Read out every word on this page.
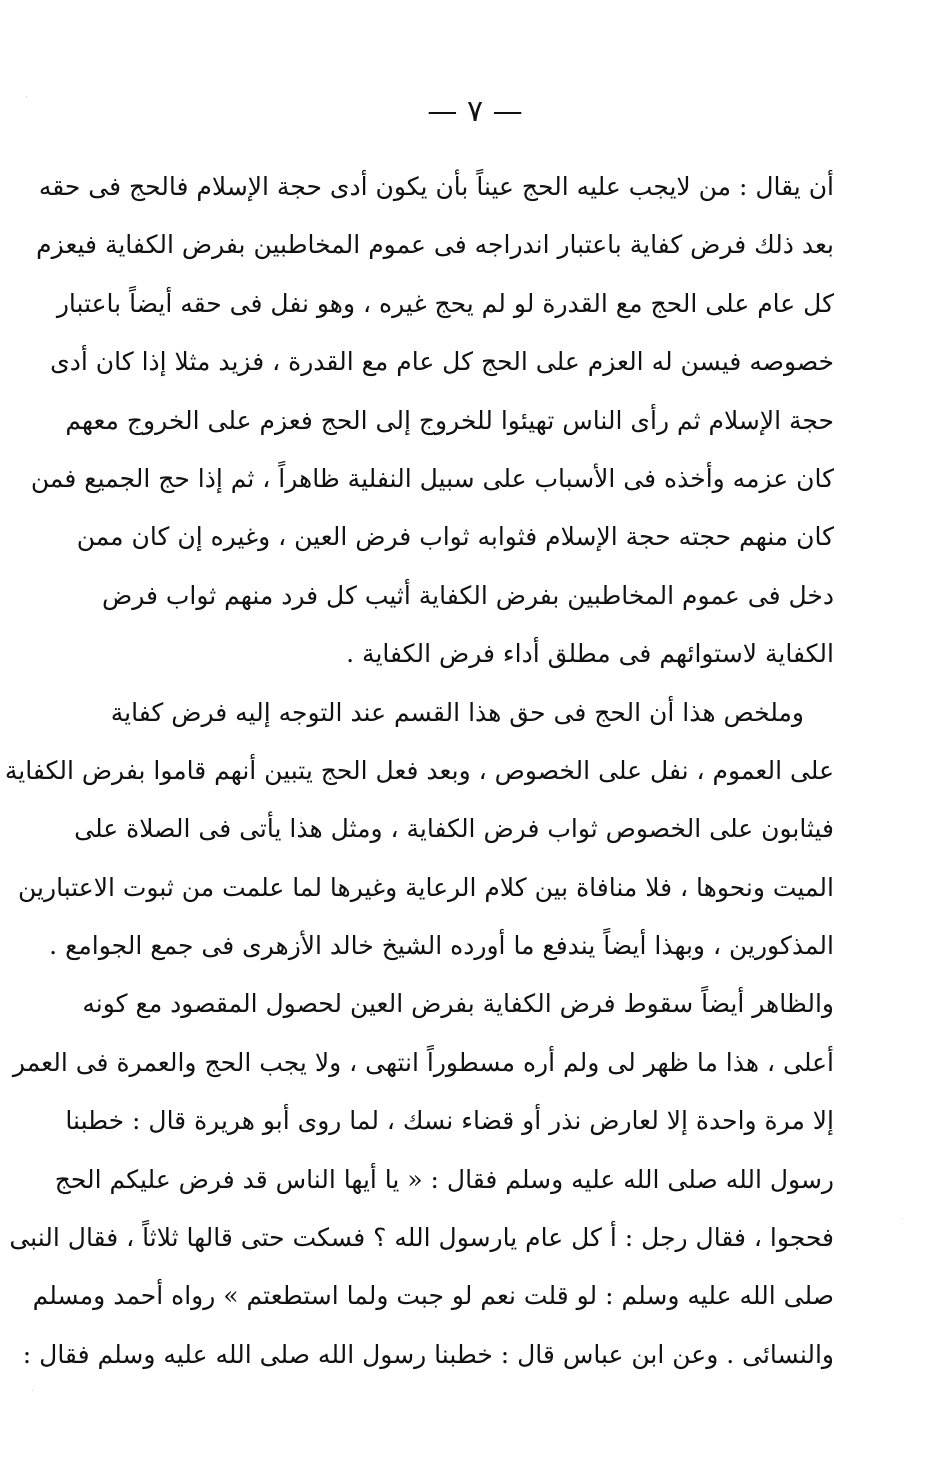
— ٧ —
أن يقال : من لايجب عليه الحج عيناً بأن يكون أدى حجة الإسلام فالحج فى حقه
بعد ذلك فرض كفاية باعتبار اندراجه فى عموم المخاطبين بفرض الكفاية فيعزم
كل عام على الحج مع القدرة لو لم يحج غيره ، وهو نفل فى حقه أيضاً باعتبار
خصوصه فيسن له العزم على الحج كل عام مع القدرة ، فزيد مثلا إذا كان أدى
حجة الإسلام ثم رأى الناس تهيئوا للخروج إلى الحج فعزم على الخروج معهم
كان عزمه وأخذه فى الأسباب على سبيل النفلية ظاهراً ، ثم إذا حج الجميع فمن
كان منهم حجته حجة الإسلام فثوابه ثواب فرض العين ، وغيره إن كان ممن
دخل فى عموم المخاطبين بفرض الكفاية أثيب كل فرد منهم ثواب فرض
الكفاية لاستوائهم فى مطلق أداء فرض الكفاية .
وملخص هذا أن الحج فى حق هذا القسم عند التوجه إليه فرض كفاية
على العموم ، نفل على الخصوص ، وبعد فعل الحج يتبين أنهم قاموا بفرض الكفاية
فيثابون على الخصوص ثواب فرض الكفاية ، ومثل هذا يأتى فى الصلاة على
الميت ونحوها ، فلا منافاة بين كلام الرعاية وغيرها لما علمت من ثبوت الاعتبارين
المذكورين ، وبهذا أيضاً يندفع ما أورده الشيخ خالد الأزهرى فى جمع الجوامع .
والظاهر أيضاً سقوط فرض الكفاية بفرض العين لحصول المقصود مع كونه
أعلى ، هذا ما ظهر لى ولم أره مسطوراً انتهى ، ولا يجب الحج والعمرة فى العمر
إلا مرة واحدة إلا لعارض نذر أو قضاء نسك ، لما روى أبو هريرة قال : خطبنا
رسول الله صلى الله عليه وسلم فقال : « يا أيها الناس قد فرض عليكم الحج
فحجوا ، فقال رجل : أ كل عام يارسول الله ؟ فسكت حتى قالها ثلاثاً ، فقال النبى
صلى الله عليه وسلم : لو قلت نعم لو جبت ولما استطعتم » رواه أحمد ومسلم
والنسائى . وعن ابن عباس قال : خطبنا رسول الله صلى الله عليه وسلم فقال :
